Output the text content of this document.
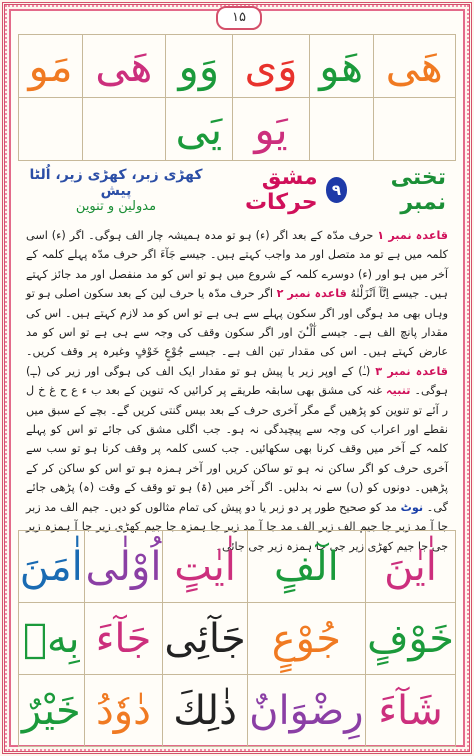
۱۵
مَو	ھَی	وَو	وَی	ھَو	ھَی
		یَی	یَو		
کھڑی زبر، کھڑی زیر، اُلٹا پیش
مدولین و تنوین
تختی نمبر
۹
مشق حرکات
قاعدہ نمبر ۱ حرف مدّہ کے بعد اگر (ء) ہو تو مدہ ہمیشہ چار الف ہوگی۔ اگر (ء) اسی کلمہ میں ہے تو مد متصل اور مد واجب کہتے ہیں۔ جیسے جَآءَ اگر حرف مدّہ پہلے کلمہ کے آخر میں ہو اور (ء) دوسرے کلمہ کے شروع میں ہو تو اس کو مد منفصل اور مد جائز کہتے ہیں۔ جیسے اِنَّآ اَنْزَلْنٰهُ قاعدہ نمبر ۲ اگر حرف مدّہ یا حرف لین کے بعد سکون اصلی ہو تو وہاں بھی مد ہوگی اور اگر سکون پہلے سے ہی ہے تو اس کو مد لازم کہتے ہیں۔ اس کی مقدار پانچ الف ہے۔ جیسے آٰلْـٰٔنَ اور اگر سکون وقف کی وجہ سے ہی ہے تو اس کو مد عارض کہتے ہیں۔ اس کی مقدار تین الف ہے۔ جیسے جُوْعٍ خَوْفٍ وغیرہ پر وقف کریں۔ قاعدہ نمبر ۳ (ـٰ) کے اوپر زیر یا پیش ہو تو مقدار ایک الف کی ہوگی اور زیر کی (ـٖ) ہوگی۔ تنبیہ غنہ کی مشق بھی سابقہ طریقے پر کرائیں کہ تنوین کے بعد ب ء ع ح غ خ ل ر آئے تو تنوین کو پڑھیں گے مگر آخری حرف کے بعد بیس گنتی کریں گے۔ بچے کے سبق میں نقطے اور اعراب کی وجہ سے پیچیدگی نہ ہو۔ جب اگلی مشق کی جائے تو اس کو پہلے کلمہ کے آخر میں وقف کرنا بھی سکھائیں۔ جب کسی کلمہ پر وقف کرنا ہو تو سب سے آخری حرف کو اگر ساکن نہ ہو تو ساکن کریں اور آخر ہمزہ ہو تو اس کو ساکن کر کے پڑھیں۔ دونوں کو (ں) سے نہ بدلیں۔ اگر آخر میں (ۃ) ہو تو وقف کے وقت (ہ) پڑھی جائے گی۔ نوٹ مد کو صحیح طور پر دو زبر یا دو پیش کی تمام مثالوں کو دیں۔ جیم الف مد زبر جا آ مد زبر جا جیم الف زبر الف مد جا آ مد زبر جا ہمزہ جا جیم کھڑی زیر جا آ ہمزہ زیر جی جا جیم کھڑی زیر جی جا ہمزہ زیر جی جائی۔
اٰمَنَ	اُوْلٰی	اٰیٰتٍ	الٓفٍ	اٰیٰنَ
بِهٖ	جَآءَ	جَآئِی	جُوْعٍ	خَوْفٍ
خَیْرٌ	دٰوٗدُ	ذٰلِكَ	رِضْوَانٌ	شَآءَ
